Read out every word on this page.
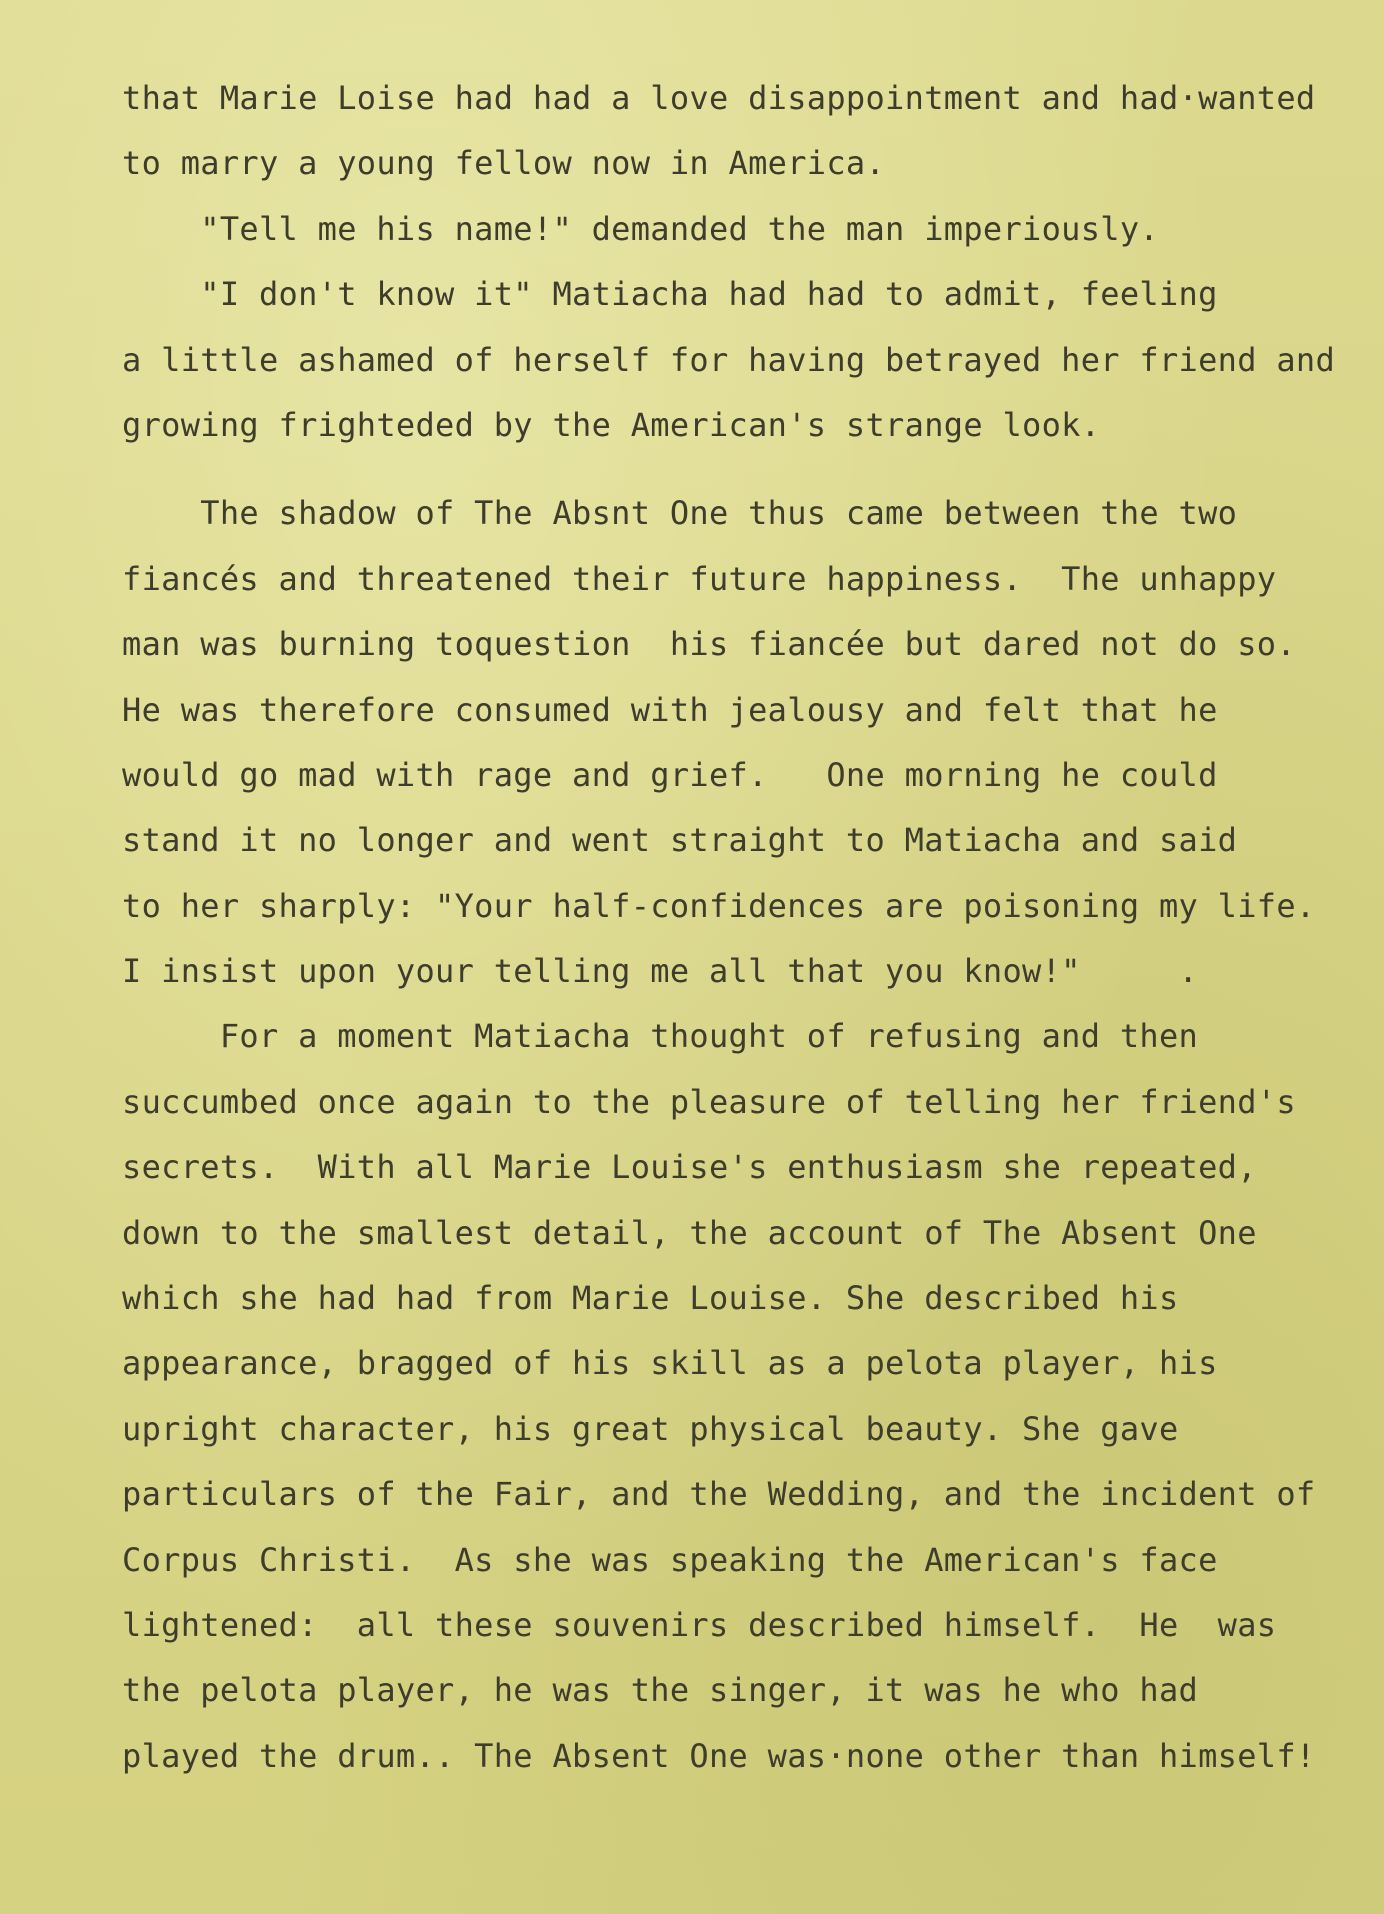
that Marie Loise had had a love disappointment and had·wanted
to marry a young fellow now in America.
"Tell me his name!" demanded the man imperiously.
"I don't know it" Matiacha had had to admit, feeling
a little ashamed of herself for having betrayed her friend and
growing frighteded by the American's strange look.
The shadow of The Absnt One thus came between the two
fiancés and threatened their future happiness.  The unhappy
man was burning toquestion  his fiancée but dared not do so.
He was therefore consumed with jealousy and felt that he
would go mad with rage and grief.   One morning he could
stand it no longer and went straight to Matiacha and said
to her sharply: "Your half-confidences are poisoning my life.
I insist upon your telling me all that you know!"     .
For a moment Matiacha thought of refusing and then
succumbed once again to the pleasure of telling her friend's
secrets.  With all Marie Louise's enthusiasm she repeated,
down to the smallest detail, the account of The Absent One
which she had had from Marie Louise. She described his
appearance, bragged of his skill as a pelota player, his
upright character, his great physical beauty. She gave
particulars of the Fair, and the Wedding, and the incident of
Corpus Christi.  As she was speaking the American's face
lightened:  all these souvenirs described himself.  He  was
the pelota player, he was the singer, it was he who had
played the drum.. The Absent One was·none other than himself!
